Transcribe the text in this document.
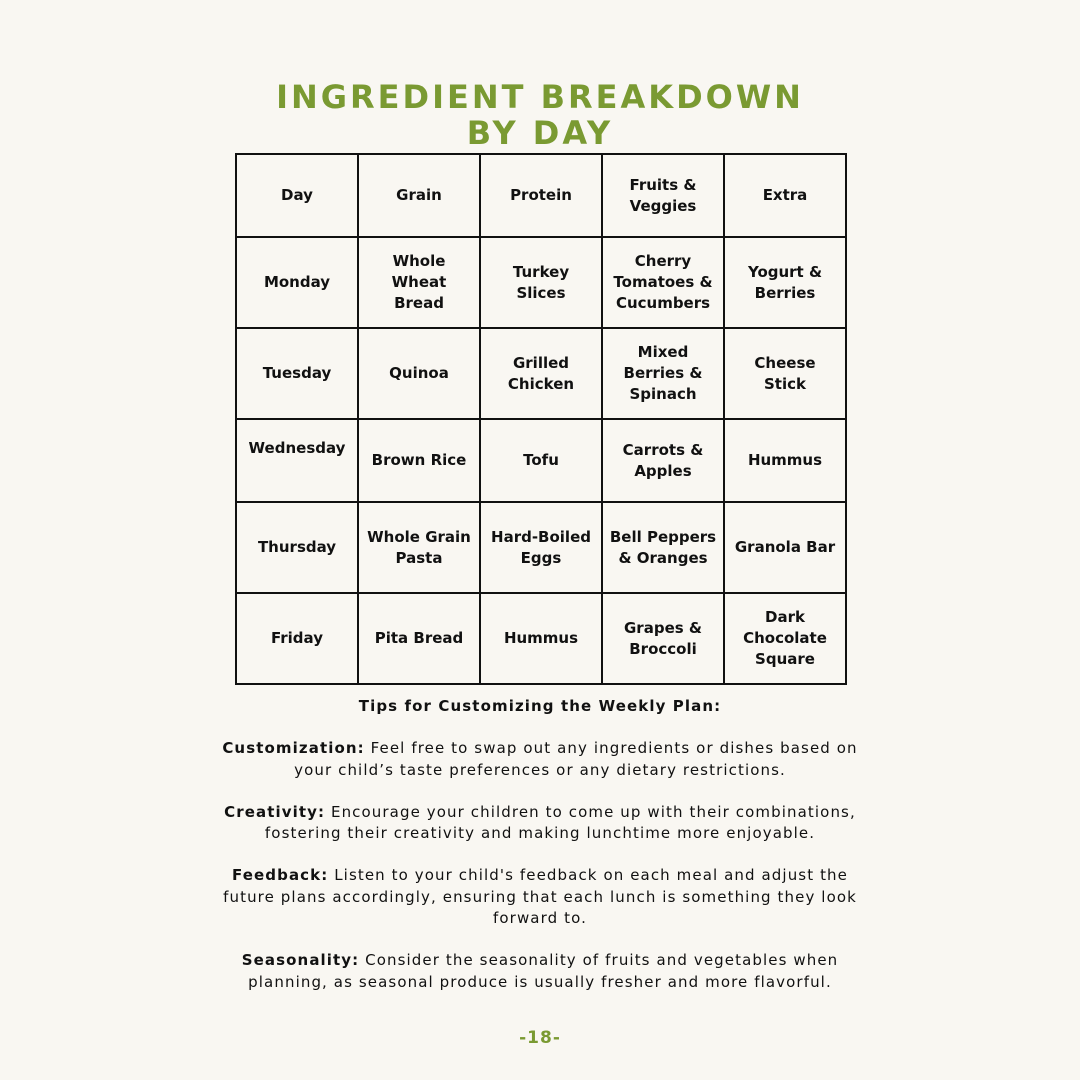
INGREDIENT BREAKDOWN
BY DAY
Day	Grain	Protein	Fruits & Veggies	Extra
Monday	Whole Wheat Bread	Turkey Slices	Cherry Tomatoes & Cucumbers	Yogurt & Berries
Tuesday	Quinoa	Grilled Chicken	Mixed Berries & Spinach	Cheese Stick
Wednesday	Brown Rice	Tofu	Carrots & Apples	Hummus
Thursday	Whole Grain Pasta	Hard-Boiled Eggs	Bell Peppers & Oranges	Granola Bar
Friday	Pita Bread	Hummus	Grapes & Broccoli	Dark Chocolate Square
Tips for Customizing the Weekly Plan:

Customization: Feel free to swap out any ingredients or dishes based on your child’s taste preferences or any dietary restrictions.

Creativity: Encourage your children to come up with their combinations, fostering their creativity and making lunchtime more enjoyable.

Feedback: Listen to your child's feedback on each meal and adjust the future plans accordingly, ensuring that each lunch is something they look forward to.

Seasonality: Consider the seasonality of fruits and vegetables when planning, as seasonal produce is usually fresher and more flavorful.

-18-
